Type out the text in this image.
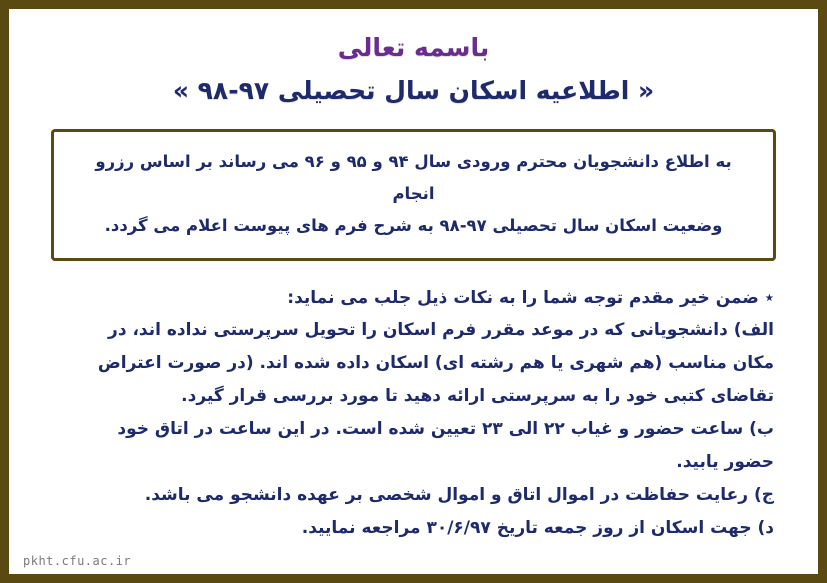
باسمه تعالی
« اطلاعیه اسکان سال تحصیلی ۹۷-۹۸ »
به اطلاع دانشجویان محترم ورودی سال ۹۴ و ۹۵ و ۹۶ می رساند بر اساس رزرو انجام
وضعیت اسکان سال تحصیلی ۹۷-۹۸ به شرح فرم های پیوست اعلام می گردد.

٭ ضمن خیر مقدم توجه شما را به نکات ذیل جلب می نماید:

الف) دانشجویانی که در موعد مقرر فرم اسکان را تحویل سرپرستی نداده اند، در

مکان مناسب (هم شهری یا هم رشته ای) اسکان داده شده اند. (در صورت اعتراض

تقاضای کتبی خود را به سرپرستی ارائه دهید تا مورد بررسی قرار گیرد.

ب) ساعت حضور و غیاب ۲۲ الی ۲۳ تعیین شده است. در این ساعت در اتاق خود

حضور یابید.

ج) رعایت حفاظت در اموال اتاق و اموال شخصی بر عهده دانشجو می باشد.

د) جهت اسکان از روز جمعه تاریخ ۳۰/۶/۹۷ مراجعه نمایید.

pkht.cfu.ac.ir
